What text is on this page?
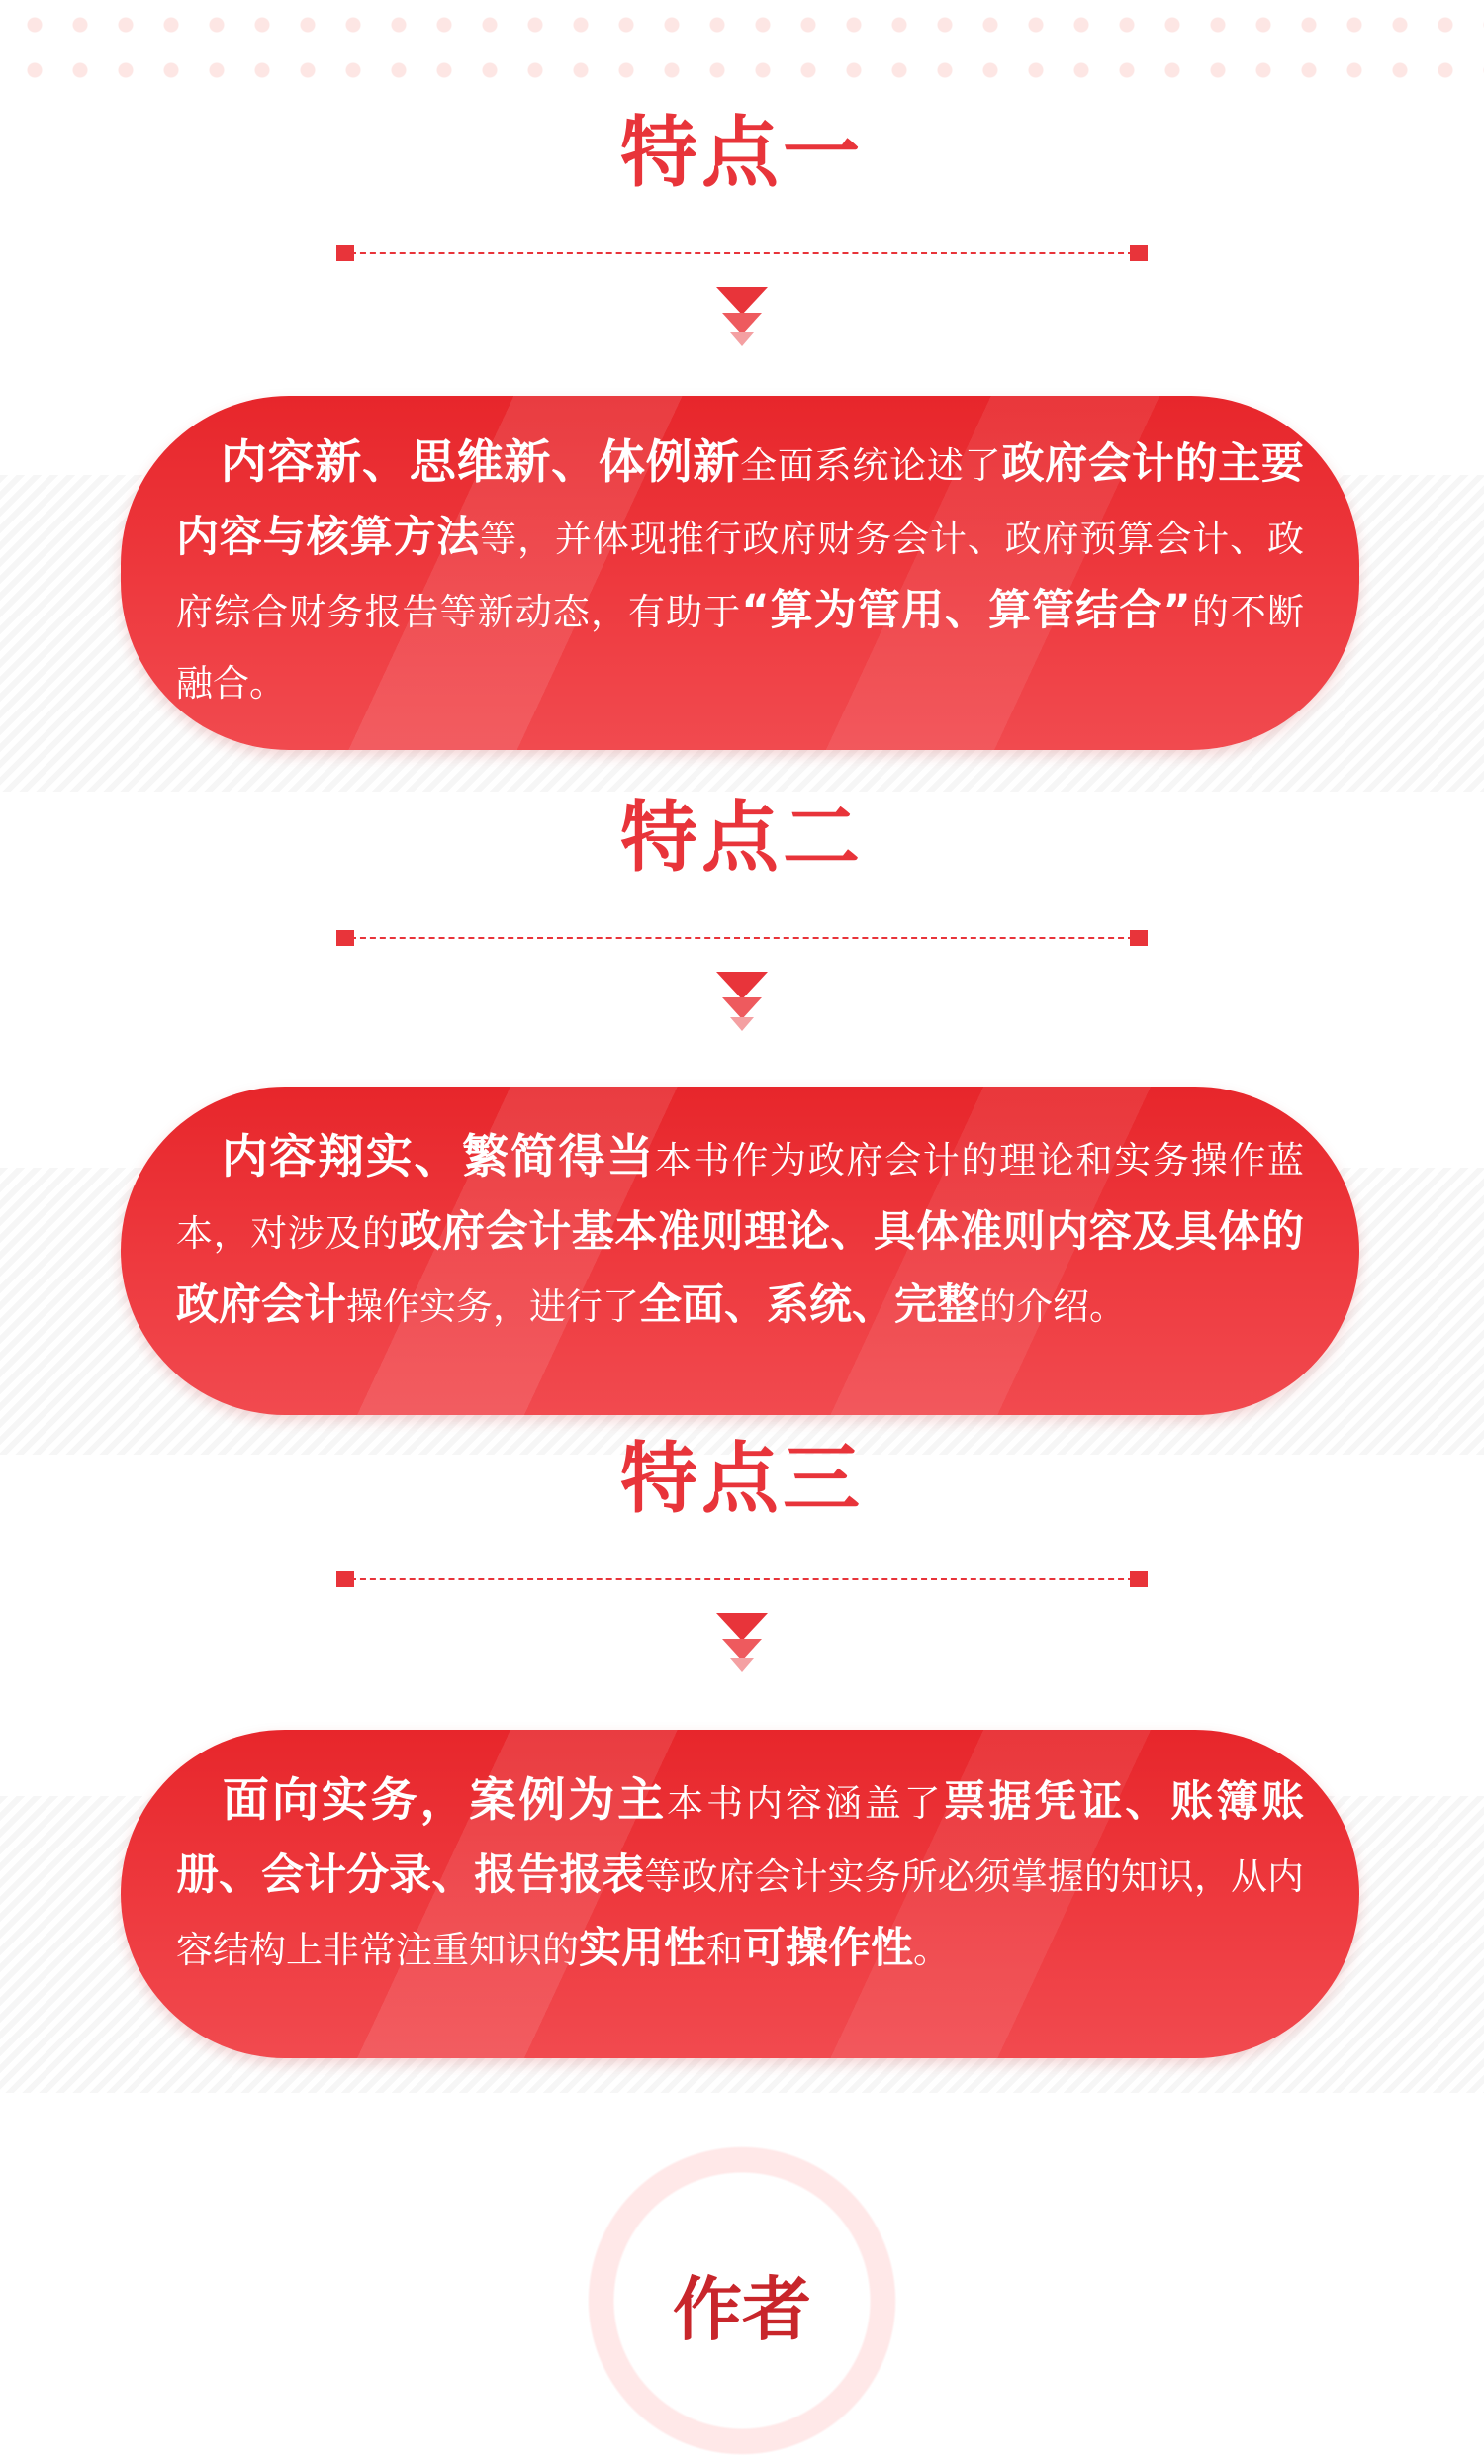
特点一
内容新、思维新、体例新全面系统论述了政府会计的主要内容与核算方法等，并体现推行政府财务会计、政府预算会计、政府综合财务报告等新动态，有助于“算为管用、算管结合”的不断融合。
特点二
内容翔实、繁简得当本书作为政府会计的理论和实务操作蓝本，对涉及的政府会计基本准则理论、具体准则内容及具体的政府会计操作实务，进行了全面、系统、完整的介绍。
特点三
面向实务，案例为主本书内容涵盖了票据凭证、账簿账册、会计分录、报告报表等政府会计实务所必须掌握的知识，从内容结构上非常注重知识的实用性和可操作性。
作者
